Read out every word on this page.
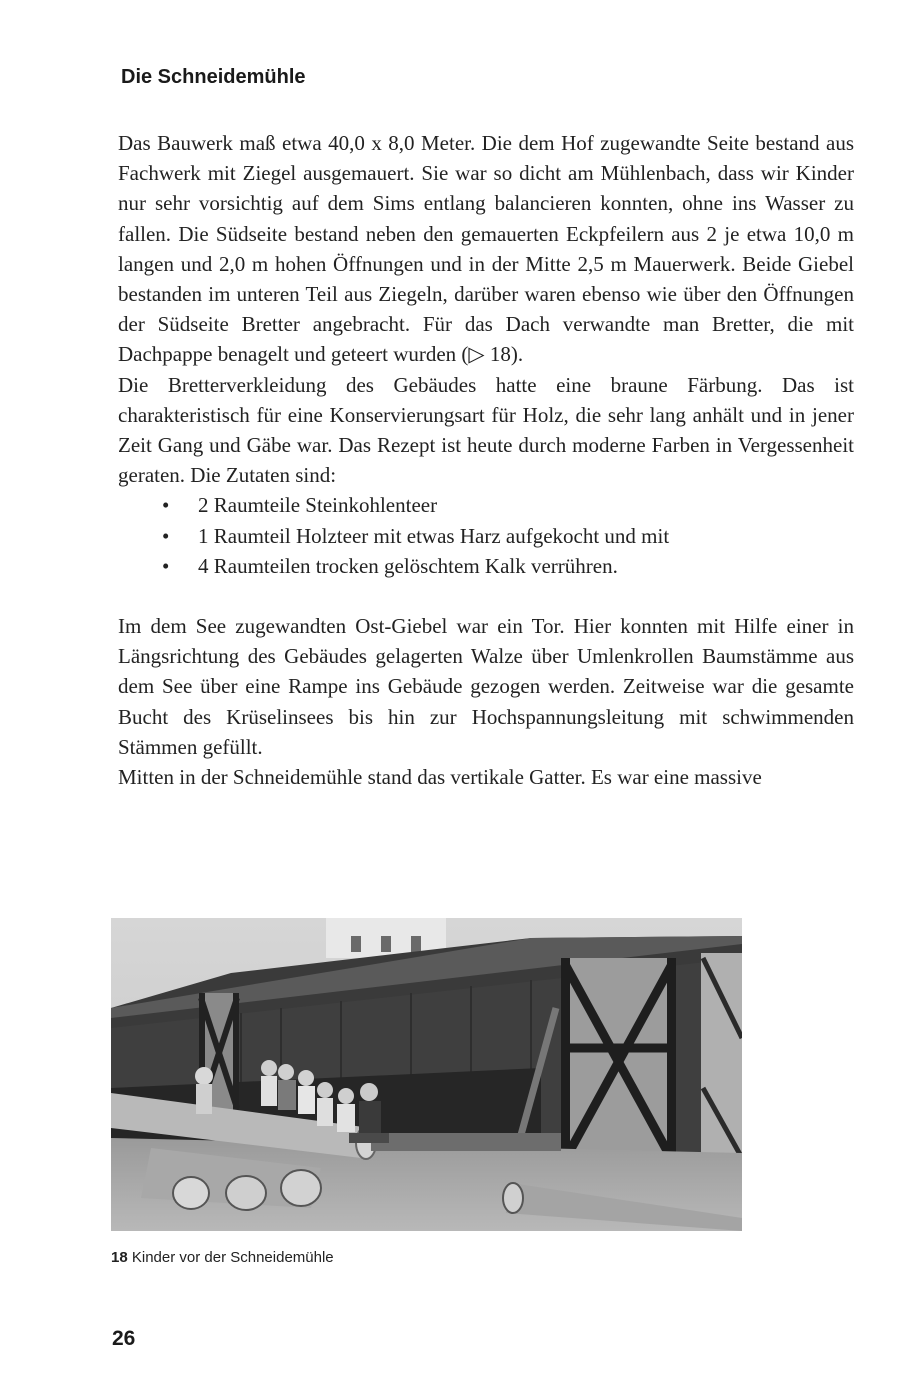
Die Schneidemühle

Das Bauwerk maß etwa 40,0 x 8,0 Meter. Die dem Hof zugewandte Seite bestand aus Fachwerk mit Ziegel ausgemauert. Sie war so dicht am Mühlenbach, dass wir Kinder nur sehr vorsichtig auf dem Sims entlang balancieren konnten, ohne ins Wasser zu fallen. Die Südseite bestand neben den gemauerten Eckpfeilern aus 2 je etwa 10,0 m langen und 2,0 m hohen Öffnungen und in der Mitte 2,5 m Mauerwerk. Beide Giebel bestanden im unteren Teil aus Ziegeln, darüber waren ebenso wie über den Öffnungen der Südseite Bretter angebracht. Für das Dach verwandte man Bretter, die mit Dachpappe benagelt und geteert wurden (▷ 18).

Die Bretterverkleidung des Gebäudes hatte eine braune Färbung. Das ist charakteristisch für eine Konservierungsart für Holz, die sehr lang anhält und in jener Zeit Gang und Gäbe war. Das Rezept ist heute durch moderne Farben in Vergessenheit geraten. Die Zutaten sind:

• 2 Raumteile Steinkohlenteer
• 1 Raumteil Holzteer mit etwas Harz aufgekocht und mit
• 4 Raumteilen trocken gelöschtem Kalk verrühren.

Im dem See zugewandten Ost-Giebel war ein Tor. Hier konnten mit Hilfe einer in Längsrichtung des Gebäudes gelagerten Walze über Umlenkrollen Baumstämme aus dem See über eine Rampe ins Gebäude gezogen werden. Zeitweise war die gesamte Bucht des Krüselinsees bis hin zur Hochspannungsleitung mit schwimmenden Stämmen gefüllt.

Mitten in der Schneidemühle stand das vertikale Gatter. Es war eine massive

18 Kinder vor der Schneidemühle
26
